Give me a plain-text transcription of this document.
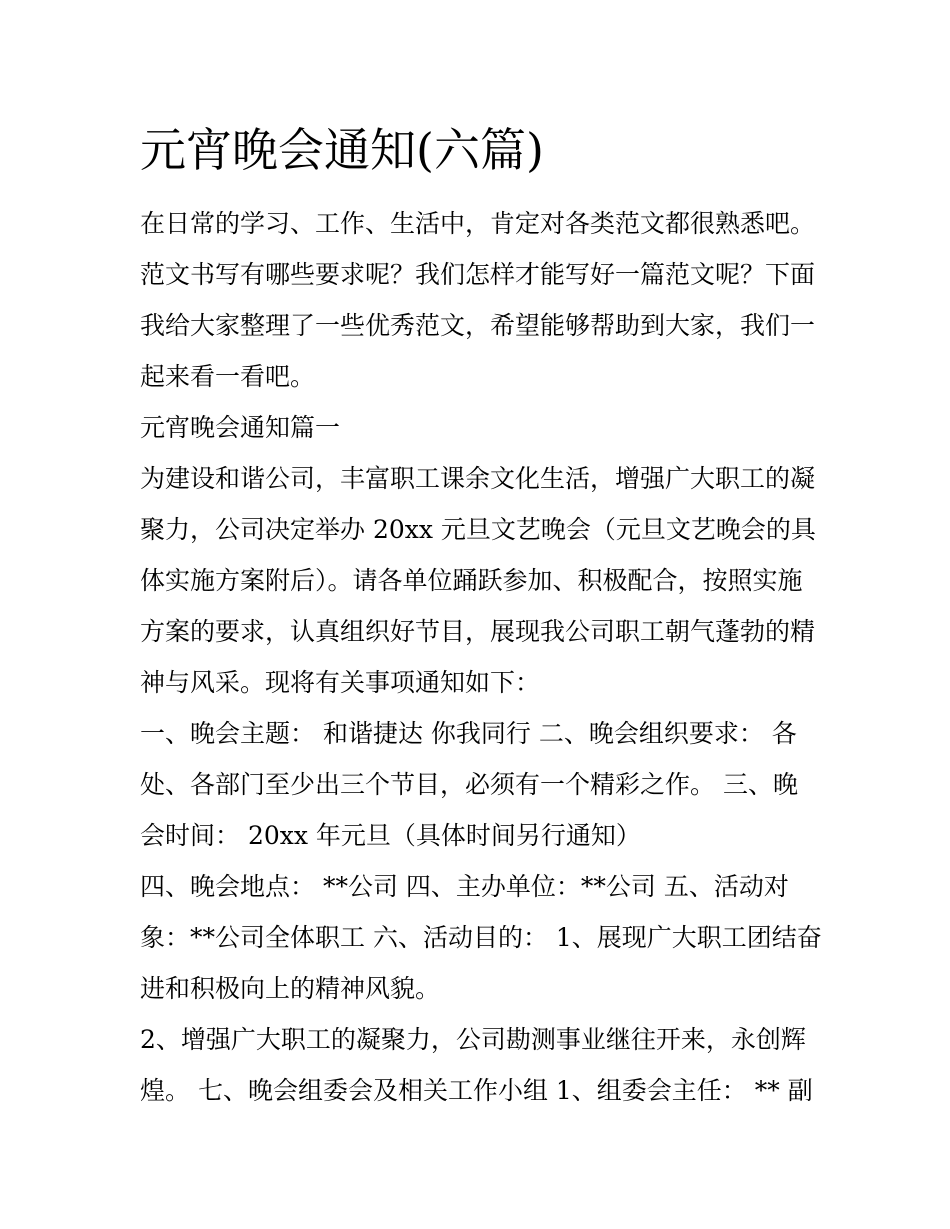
元宵晚会通知(六篇)
在日常的学习、工作、生活中，肯定对各类范文都很熟悉吧。
范文书写有哪些要求呢？我们怎样才能写好一篇范文呢？下面
我给大家整理了一些优秀范文，希望能够帮助到大家，我们一
起来看一看吧。
元宵晚会通知篇一
为建设和谐公司，丰富职工课余文化生活，增强广大职工的凝
聚力，公司决定举办 20xx 元旦文艺晚会（元旦文艺晚会的具
体实施方案附后）。请各单位踊跃参加、积极配合，按照实施
方案的要求，认真组织好节目，展现我公司职工朝气蓬勃的精
神与风采。现将有关事项通知如下：
一、晚会主题： 和谐捷达 你我同行 二、晚会组织要求： 各
处、各部门至少出三个节目，必须有一个精彩之作。 三、晚
会时间： 20xx 年元旦（具体时间另行通知）
四、晚会地点： **公司 四、主办单位：**公司 五、活动对
象：**公司全体职工 六、活动目的： 1、展现广大职工团结奋
进和积极向上的精神风貌。
2、增强广大职工的凝聚力，公司勘测事业继往开来，永创辉
煌。 七、晚会组委会及相关工作小组 1、组委会主任： ** 副
